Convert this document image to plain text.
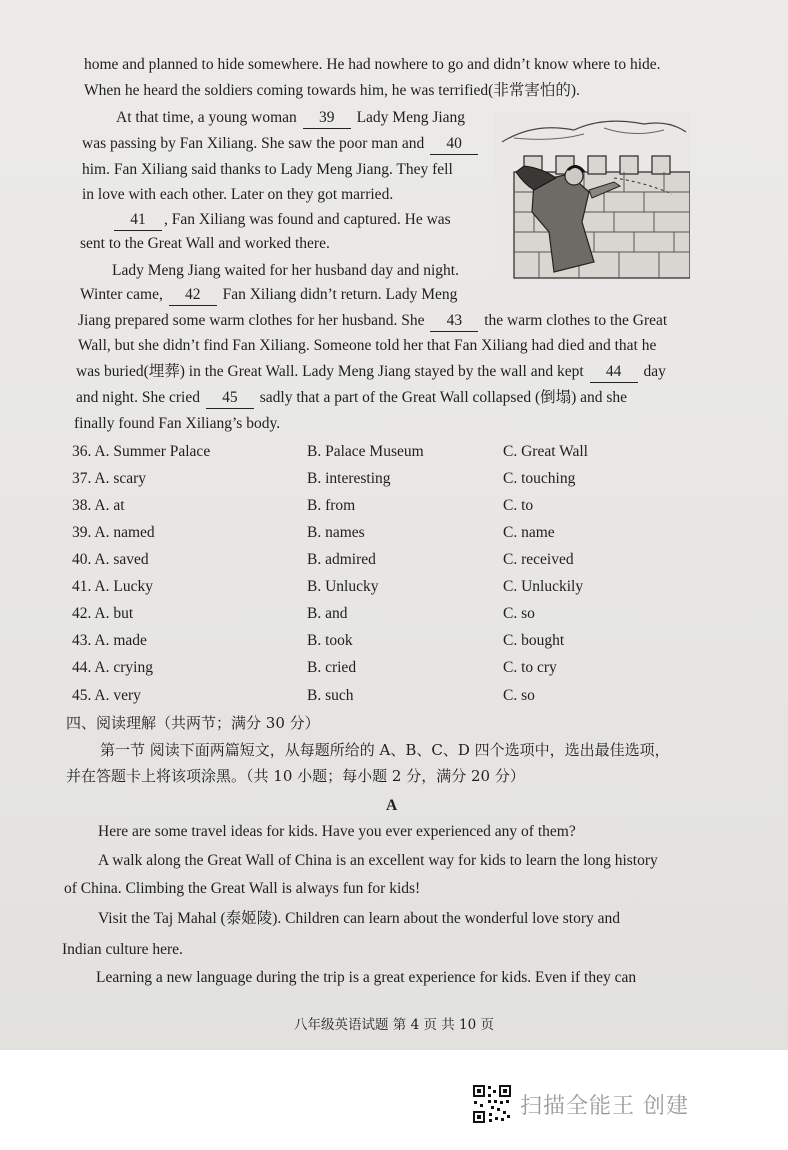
home and planned to hide somewhere. He had nowhere to go and didn’t know where to hide.
When he heard the soldiers coming towards him, he was terrified(非常害怕的).
At that time, a young woman 39 Lady Meng Jiang
was passing by Fan Xiliang. She saw the poor man and 40
him. Fan Xiliang said thanks to Lady Meng Jiang. They fell
in love with each other. Later on they got married.
41 , Fan Xiliang was found and captured. He was
sent to the Great Wall and worked there.
Lady Meng Jiang waited for her husband day and night.
Winter came, 42 Fan Xiliang didn’t return. Lady Meng
Jiang prepared some warm clothes for her husband. She 43 the warm clothes to the Great
Wall, but she didn’t find Fan Xiliang. Someone told her that Fan Xiliang had died and that he
was buried(埋葬) in the Great Wall. Lady Meng Jiang stayed by the wall and kept 44 day
and night. She cried 45 sadly that a part of the Great Wall collapsed (倒塌) and she
finally found Fan Xiliang’s body.
36. A. Summer Palace	B. Palace Museum	C. Great Wall
37. A. scary	B. interesting	C. touching
38. A. at	B. from	C. to
39. A. named	B. names	C. name
40. A. saved	B. admired	C. received
41. A. Lucky	B. Unlucky	C. Unluckily
42. A. but	B. and	C. so
43. A. made	B. took	C. bought
44. A. crying	B. cried	C. to cry
45. A. very	B. such	C. so
四、阅读理解（共两节；满分 30 分）
第一节 阅读下面两篇短文，从每题所给的 A、B、C、D 四个选项中，选出最佳选项，
并在答题卡上将该项涂黑。（共 10 小题；每小题 2 分，满分 20 分）
A
Here are some travel ideas for kids. Have you ever experienced any of them?
A walk along the Great Wall of China is an excellent way for kids to learn the long history
of China. Climbing the Great Wall is always fun for kids!
Visit the Taj Mahal (泰姬陵). Children can learn about the wonderful love story and
Indian culture here.
Learning a new language during the trip is a great experience for kids. Even if they can
八年级英语试题 第 4 页 共 10 页
扫描全能王 创建
